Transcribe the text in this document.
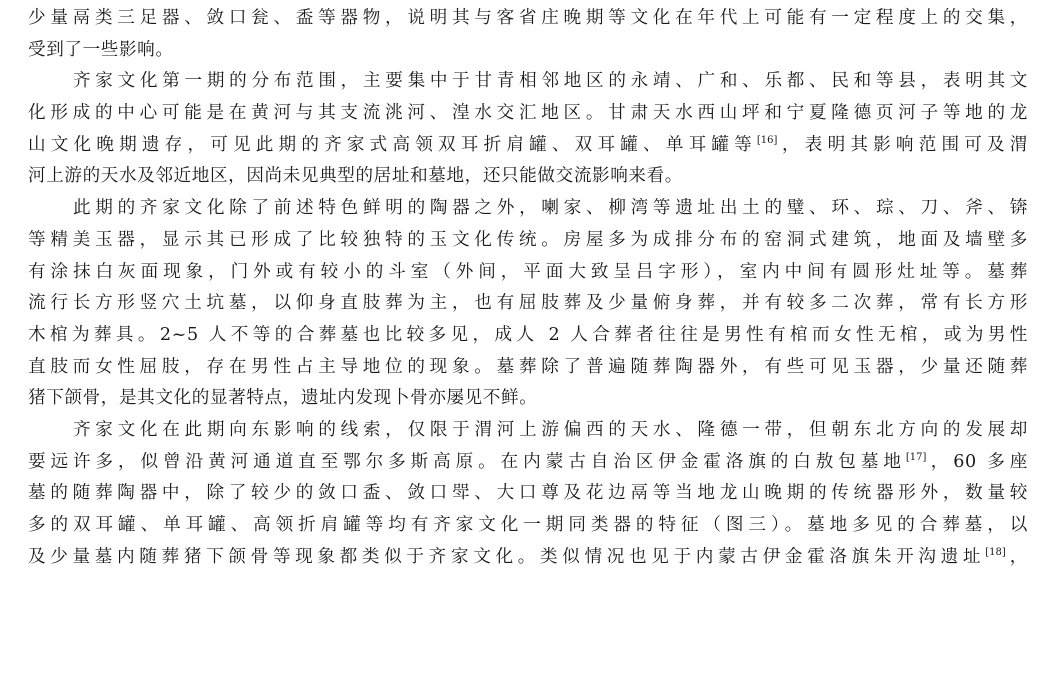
少量鬲类三足器、敛口瓮、盉等器物，说明其与客省庄晚期等文化在年代上可能有一定程度上的交集，
受到了一些影响。
齐家文化第一期的分布范围，主要集中于甘青相邻地区的永靖、广和、乐都、民和等县，表明其文
化形成的中心可能是在黄河与其支流洮河、湟水交汇地区。甘肃天水西山坪和宁夏隆德页河子等地的龙
山文化晚期遗存，可见此期的齐家式高领双耳折肩罐、双耳罐、单耳罐等[16]，表明其影响范围可及渭
河上游的天水及邻近地区，因尚未见典型的居址和墓地，还只能做交流影响来看。
此期的齐家文化除了前述特色鲜明的陶器之外，喇家、柳湾等遗址出土的璧、环、琮、刀、斧、锛
等精美玉器，显示其已形成了比较独特的玉文化传统。房屋多为成排分布的窑洞式建筑，地面及墙壁多
有涂抹白灰面现象，门外或有较小的斗室（外间，平面大致呈吕字形），室内中间有圆形灶址等。墓葬
流行长方形竖穴土坑墓，以仰身直肢葬为主，也有屈肢葬及少量俯身葬，并有较多二次葬，常有长方形
木棺为葬具。2~5 人不等的合葬墓也比较多见，成人 2 人合葬者往往是男性有棺而女性无棺，或为男性
直肢而女性屈肢，存在男性占主导地位的现象。墓葬除了普遍随葬陶器外，有些可见玉器，少量还随葬
猪下颌骨，是其文化的显著特点，遗址内发现卜骨亦屡见不鲜。
齐家文化在此期向东影响的线索，仅限于渭河上游偏西的天水、隆德一带，但朝东北方向的发展却
要远许多，似曾沿黄河通道直至鄂尔多斯高原。在内蒙古自治区伊金霍洛旗的白敖包墓地[17]，60 多座
墓的随葬陶器中，除了较少的敛口盉、敛口斝、大口尊及花边鬲等当地龙山晚期的传统器形外，数量较
多的双耳罐、单耳罐、高领折肩罐等均有齐家文化一期同类器的特征（图三）。墓地多见的合葬墓，以
及少量墓内随葬猪下颌骨等现象都类似于齐家文化。类似情况也见于内蒙古伊金霍洛旗朱开沟遗址[18]，
